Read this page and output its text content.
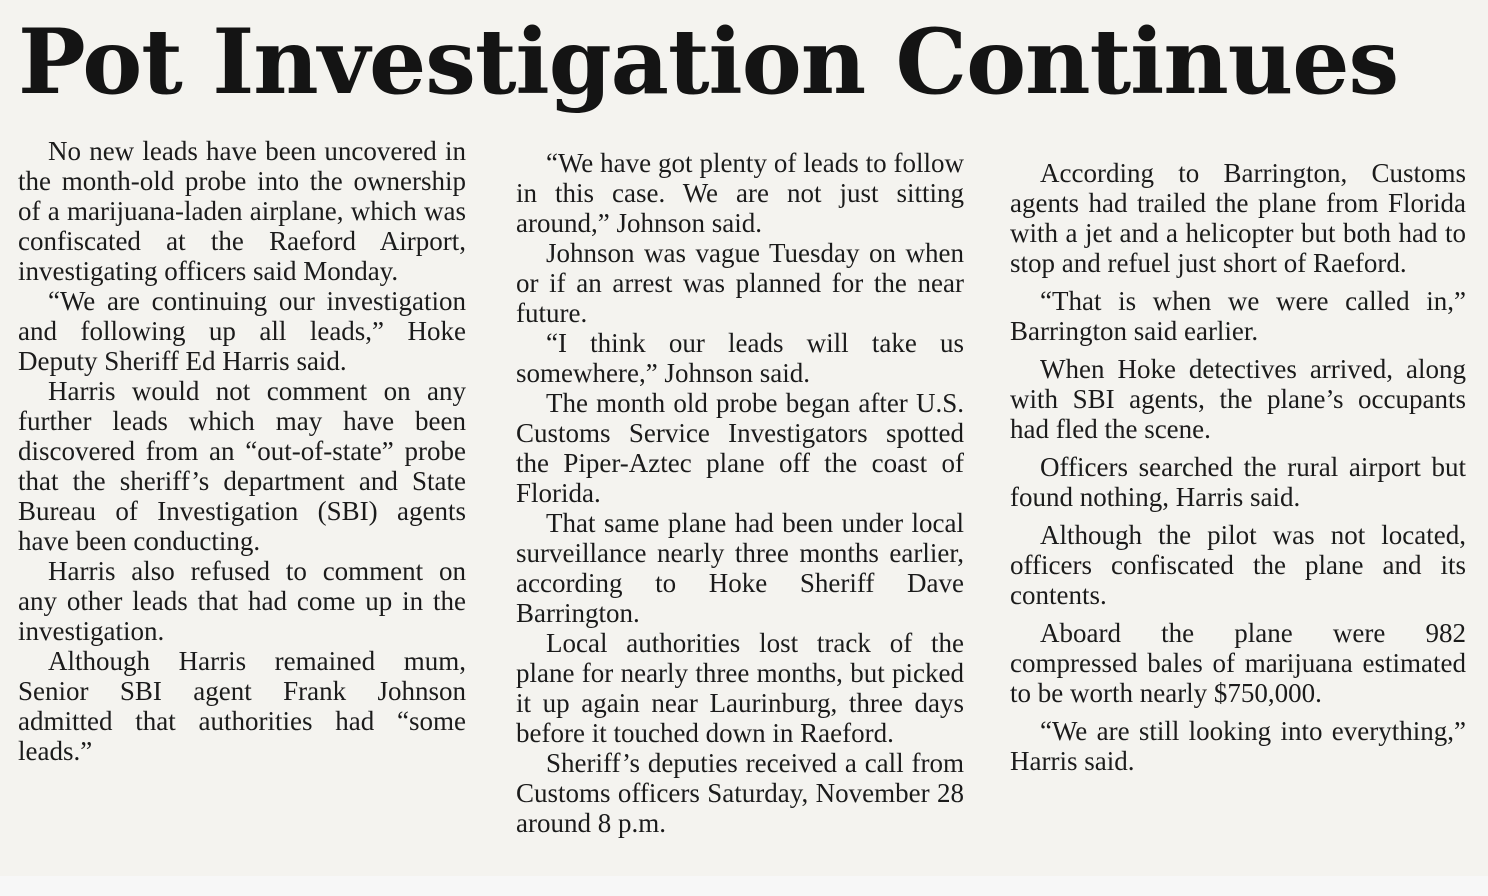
Pot Investigation Continues

No new leads have been uncovered in the month-old probe into the ownership of a marijuana-laden airplane, which was confiscated at the Raeford Airport, investigating officers said Monday.

“We are continuing our investigation and following up all leads,” Hoke Deputy Sheriff Ed Harris said.

Harris would not comment on any further leads which may have been discovered from an “out-of-state” probe that the sheriff’s department and State Bureau of Investigation (SBI) agents have been conducting.

Harris also refused to comment on any other leads that had come up in the investigation.

Although Harris remained mum, Senior SBI agent Frank Johnson admitted that authorities had “some leads.”

“We have got plenty of leads to follow in this case. We are not just sitting around,” Johnson said.

Johnson was vague Tuesday on when or if an arrest was planned for the near future.

“I think our leads will take us somewhere,” Johnson said.

The month old probe began after U.S. Customs Service Investigators spotted the Piper-Aztec plane off the coast of Florida.

That same plane had been under local surveillance nearly three months earlier, according to Hoke Sheriff Dave Barrington.

Local authorities lost track of the plane for nearly three months, but picked it up again near Laurinburg, three days before it touched down in Raeford.

Sheriff’s deputies received a call from Customs officers Saturday, November 28 around 8 p.m.

According to Barrington, Customs agents had trailed the plane from Florida with a jet and a helicopter but both had to stop and refuel just short of Raeford.

“That is when we were called in,” Barrington said earlier.

When Hoke detectives arrived, along with SBI agents, the plane’s occupants had fled the scene.

Officers searched the rural airport but found nothing, Harris said.

Although the pilot was not located, officers confiscated the plane and its contents.

Aboard the plane were 982 compressed bales of marijuana estimated to be worth nearly $750,000.

“We are still looking into everything,” Harris said.
